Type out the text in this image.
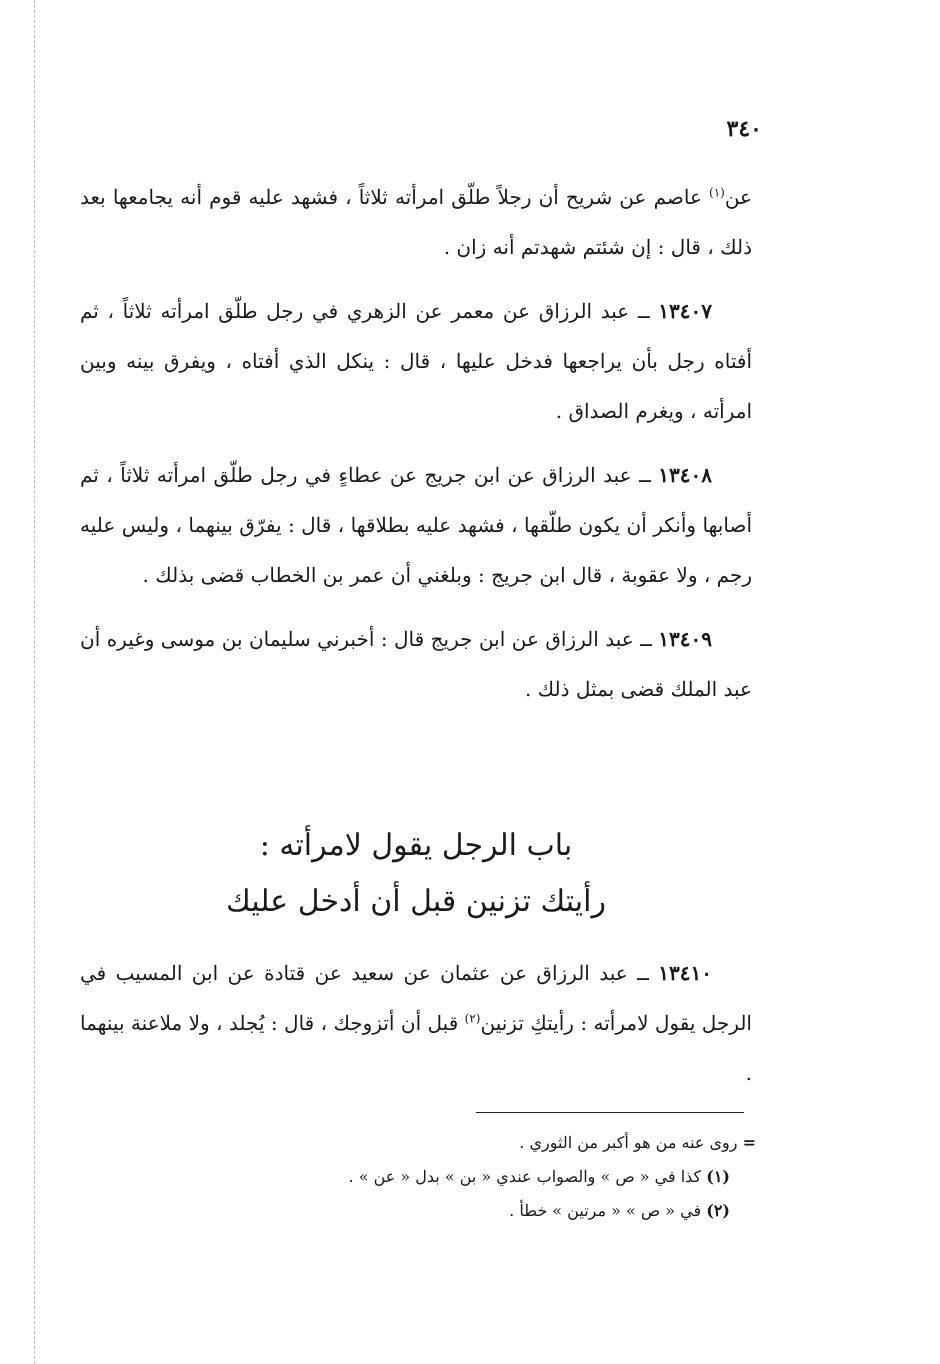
٣٤٠

عن$^{(١)}$ عاصم عن شريح أن رجلاً طلّق امرأته ثلاثاً ، فشهد عليه قوم أنه يجامعها بعد ذلك ، قال : إن شئتم شهدتم أنه زان .

١٣٤٠٧ ــ عبد الرزاق عن معمر عن الزهري في رجل طلّق امرأته ثلاثاً ، ثم أفتاه رجل بأن يراجعها فدخل عليها ، قال : ينكل الذي أفتاه ، ويفرق بينه وبين امرأته ، ويغرم الصداق .

١٣٤٠٨ ــ عبد الرزاق عن ابن جريج عن عطاءٍ في رجل طلّق امرأته ثلاثاً ، ثم أصابها وأنكر أن يكون طلّقها ، فشهد عليه بطلاقها ، قال : يفرّق بينهما ، وليس عليه رجم ، ولا عقوبة ، قال ابن جريج : وبلغني أن عمر بن الخطاب قضى بذلك .

١٣٤٠٩ ــ عبد الرزاق عن ابن جريج قال : أخبرني سليمان بن موسى وغيره أن عبد الملك قضى بمثل ذلك .

باب الرجل يقول لامرأته :
رأيتك تزنين قبل أن أدخل عليك

١٣٤١٠ ــ عبد الرزاق عن عثمان عن سعيد عن قتادة عن ابن المسيب في الرجل يقول لامرأته : رأيتكِ تزنين$^{(٢)}$ قبل أن أتزوجك ، قال : يُجلد ، ولا ملاعنة بينهما .

= روى عنه من هو أكبر من الثوري .
(١) كذا في « ص » والصواب عندي « بن » بدل « عن » .
(٢) في « ص » « مرتين » خطأ .
